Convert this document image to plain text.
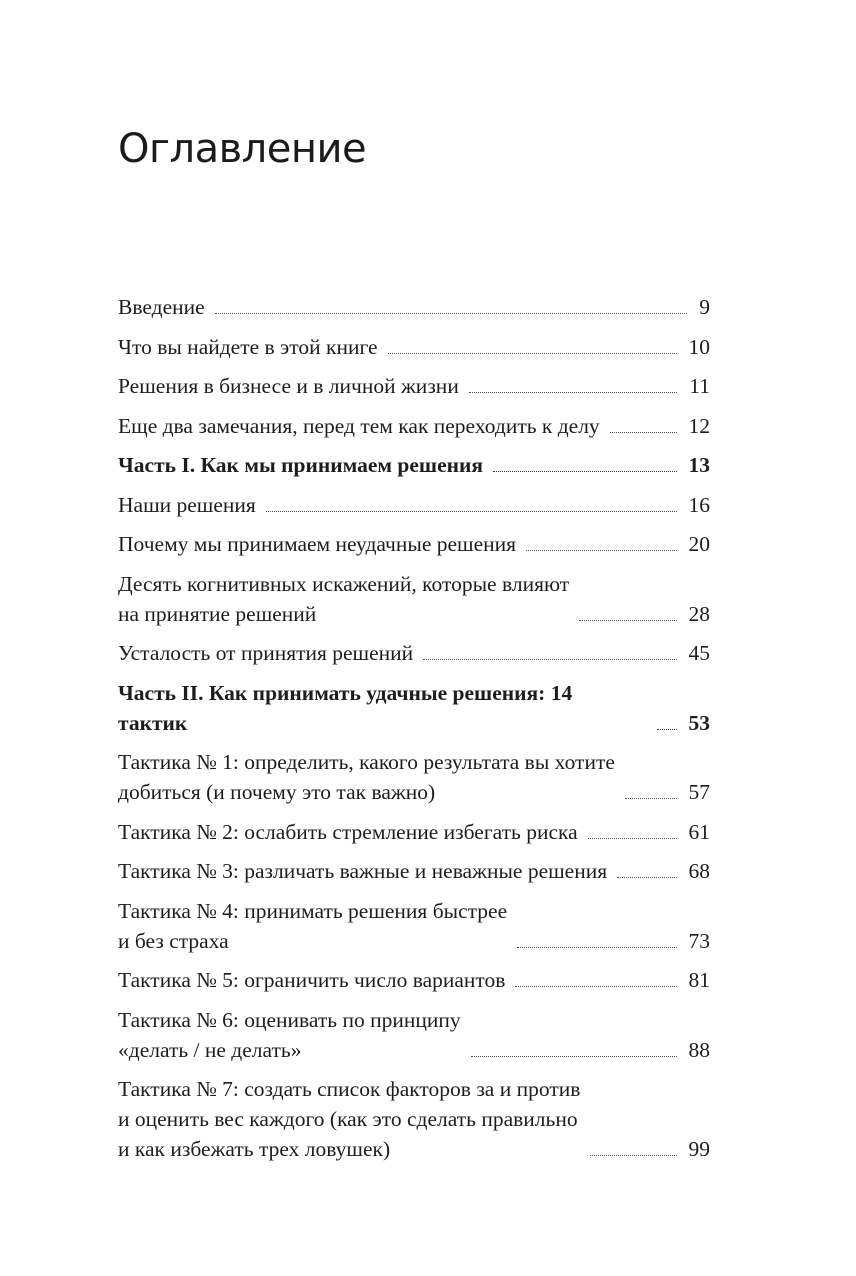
Оглавление
Введение	9
Что вы найдете в этой книге	10
Решения в бизнесе и в личной жизни	11
Еще два замечания, перед тем как переходить к делу	12
Часть I. Как мы принимаем решения	13
Наши решения	16
Почему мы принимаем неудачные решения	20
Десять когнитивных искажений, которые влияют
на принятие решений	28
Усталость от принятия решений	45
Часть II. Как принимать удачные решения: 14 тактик	53
Тактика № 1: определить, какого результата вы хотите
добиться (и почему это так важно)	57
Тактика № 2: ослабить стремление избегать риска	61
Тактика № 3: различать важные и неважные решения	68
Тактика № 4: принимать решения быстрее
и без страха	73
Тактика № 5: ограничить число вариантов	81
Тактика № 6: оценивать по принципу
«делать / не делать»	88
Тактика № 7: создать список факторов за и против
и оценить вес каждого (как это сделать правильно
и как избежать трех ловушек)	99
